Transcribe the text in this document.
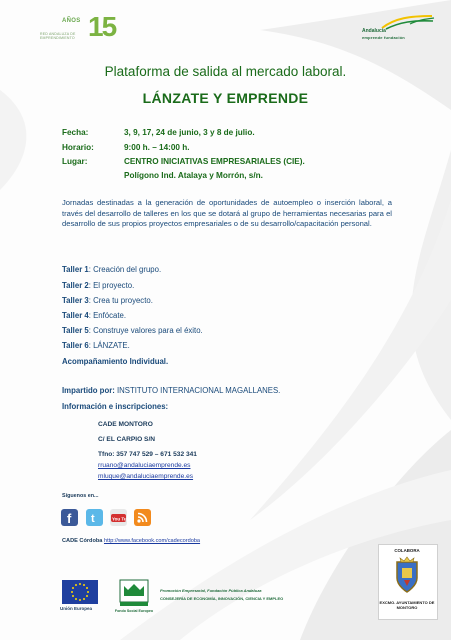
AÑOS
RED ANDALUZA DE EMPRENDIMIENTO 15	Andalucía
emprende fundación
Plataforma de salida al mercado laboral.
LÁNZATE Y EMPRENDE
Fecha:	3, 9, 17, 24 de junio, 3 y 8 de julio.
Horario:	9:00 h. – 14:00 h.
Lugar:	CENTRO INICIATIVAS EMPRESARIALES (CIE).
Polígono Ind. Atalaya y Morrón, s/n.
Jornadas destinadas a la generación de oportunidades de autoempleo o inserción laboral, a través del desarrollo de talleres en los que se dotará al grupo de herramientas necesarias para el desarrollo de sus propios proyectos empresariales o de su desarrollo/capacitación personal.
Taller 1: Creación del grupo.
Taller 2: El proyecto.
Taller 3: Crea tu proyecto.
Taller 4: Enfócate.
Taller 5: Construye valores para el éxito.
Taller 6: LÁNZATE.
Acompañamiento Individual.
Impartido por: INSTITUTO INTERNACIONAL MAGALLANES.
Información e inscripciones:
CADE MONTORO
C/ EL CARPIO S/N
Tfno: 357 747 529 – 671 532 341
rruano@andaluciaemprende.es
mluque@andaluciaemprende.es
Síguenos en...
f t	You Tube
CADE Córdoba http://www.facebook.com/cadecordoba
Unión Europea	Fondo Social Europeo
Promoción Empresarial, Fundación Pública Andaluza
CONSEJERÍA DE ECONOMÍA, INNOVACIÓN, CIENCIA Y EMPLEO
COLABORA
EXCMO. AYUNTAMIENTO DE MONTORO
